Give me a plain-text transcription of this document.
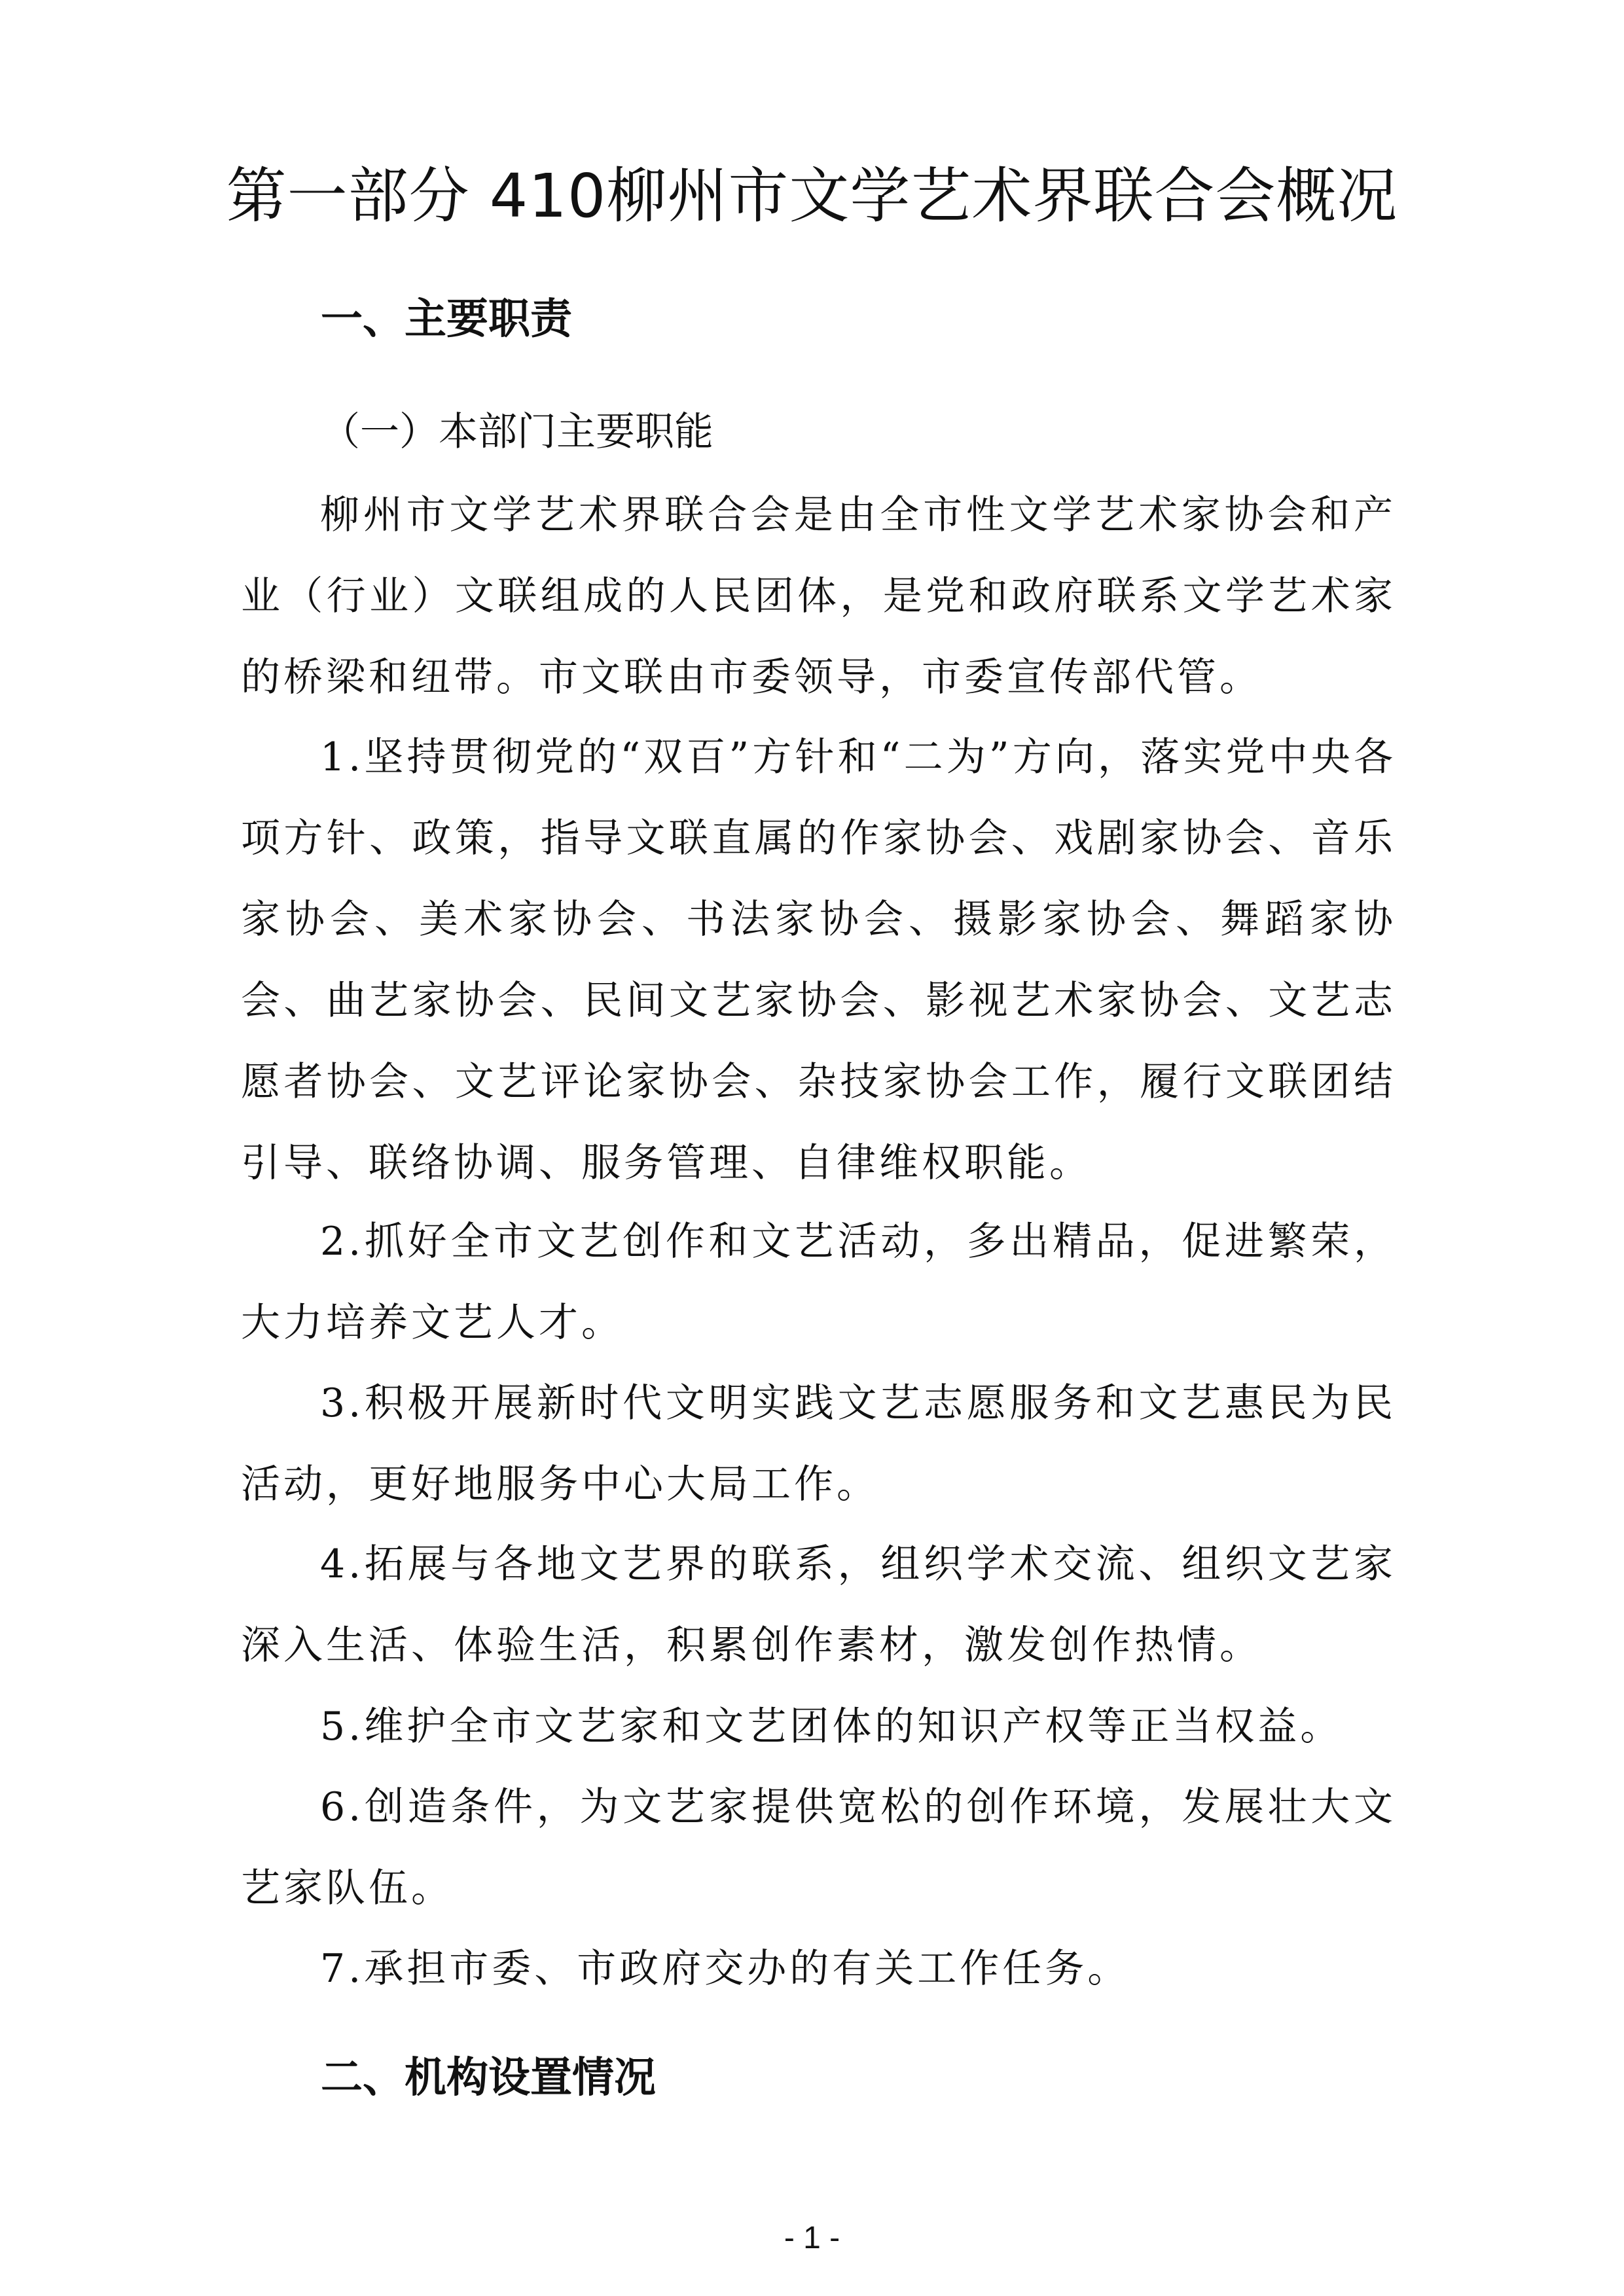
第一部分 410柳州市文学艺术界联合会概况
一、主要职责
（一）本部门主要职能

柳州市文学艺术界联合会是由全市性文学艺术家协会和产业（行业）文联组成的人民团体，是党和政府联系文学艺术家的桥梁和纽带。市文联由市委领导，市委宣传部代管。

1.坚持贯彻党的“双百”方针和“二为”方向，落实党中央各项方针、政策，指导文联直属的作家协会、戏剧家协会、音乐家协会、美术家协会、书法家协会、摄影家协会、舞蹈家协会、曲艺家协会、民间文艺家协会、影视艺术家协会、文艺志愿者协会、文艺评论家协会、杂技家协会工作，履行文联团结引导、联络协调、服务管理、自律维权职能。

2.抓好全市文艺创作和文艺活动，多出精品，促进繁荣，大力培养文艺人才。

3.积极开展新时代文明实践文艺志愿服务和文艺惠民为民活动，更好地服务中心大局工作。

4.拓展与各地文艺界的联系，组织学术交流、组织文艺家深入生活、体验生活，积累创作素材，激发创作热情。

5.维护全市文艺家和文艺团体的知识产权等正当权益。

6.创造条件，为文艺家提供宽松的创作环境，发展壮大文艺家队伍。

7.承担市委、市政府交办的有关工作任务。

二、机构设置情况
- 1 -
